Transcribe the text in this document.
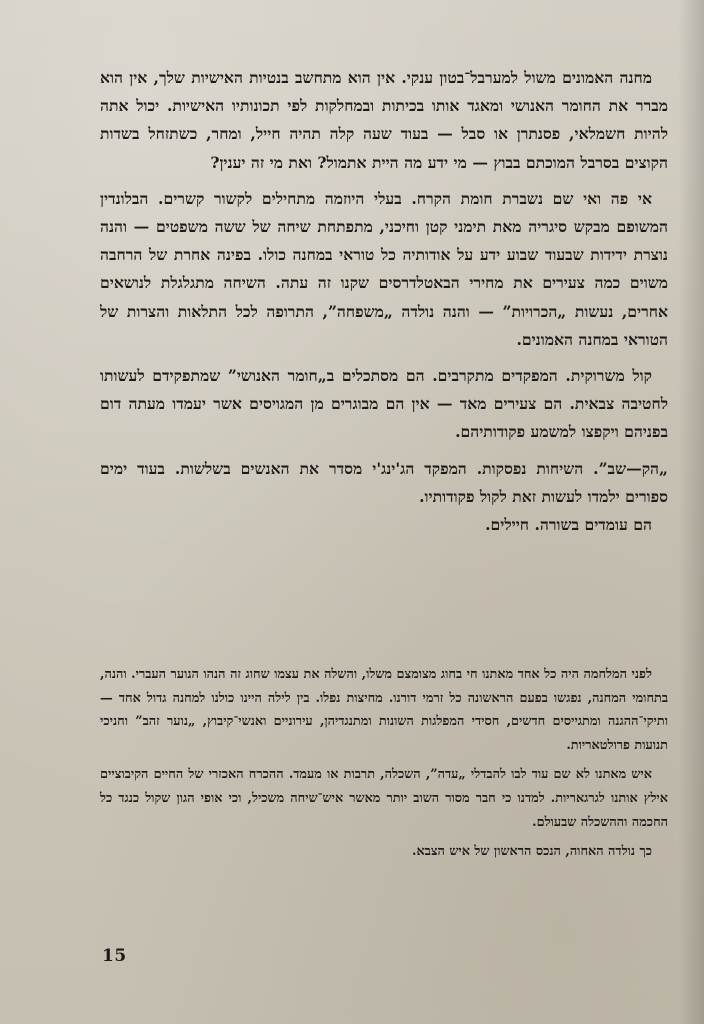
מחנה האמונים משול למערבל־בטון ענקי. אין הוא מתחשב בנטיות האישיות שלך, אין הוא מברר את החומר האנושי ומאגד אותו בכיתות ובמחלקות לפי תכונותיו האישיות. יכול אתה להיות חשמלאי, פסנתרן או סבל — בעוד שעה קלה תהיה חייל, ומחר, כשתזחל בשדות הקוצים בסרבל המוכתם בבוץ — מי ידע מה היית אתמול? ואת מי זה יענין?

אי פה ואי שם נשברת חומת הקרח. בעלי היוזמה מתחילים לקשור קשרים. הבלונדין המשופם מבקש סיגריה מאת תימני קטן וחיכני, מתפתחת שיחה של ששה משפטים — והנה נוצרת ידידות שבעוד שבוע ידע על אודותיה כל טוראי במחנה כולו. בפינה אחרת של הרחבה משוים כמה צעירים את מחירי הבאטלדרסים שקנו זה עתה. השיחה מתגלגלת לנושאים אחרים, נעשות „הכרויות” — והנה נולדה „משפחה”, התרופה לכל התלאות והצרות של הטוראי במחנה האמונים.

קול משרוקית. המפקדים מתקרבים. הם מסתכלים ב„חומר האנושי” שמתפקידם לעשותו לחטיבה צבאית. הם צעירים מאד — אין הם מבוגרים מן המגויסים אשר יעמדו מעתה דום בפניהם ויקפצו למשמע פקודותיהם.

„הק—שב”. השיחות נפסקות. המפקד הג'ינג'י מסדר את האנשים בשלשות. בעוד ימים ספורים ילמדו לעשות זאת לקול פקודותיו.

הם עומדים בשורה. חיילים.

לפני המלחמה היה כל אחד מאתנו חי בחוג מצומצם משלו, והשלה את עצמו שחוג זה הנהו הנוער העברי. והנה, בתחומי המחנה, נפגשו בפעם הראשונה כל זרמי דורנו. מחיצות נפלו. בין לילה היינו כולנו למחנה גדול אחד — ותיקי־ההגנה ומתגייסים חדשים, חסידי המפלגות השונות ומתנגדיהן, עירוניים ואנשי־קיבוץ, „נוער זהב” וחניכי תנועות פרולטאריות.

איש מאתנו לא שם עוד לבו להבדלי „עדה”, השכלה, תרבות או מעמד. ההכרח האכזרי של החיים הקיבוציים אילץ אותנו לגרגאריות. למדנו כי חבר מסור השוב יותר מאשר איש־שיחה משכיל, וכי אופי הגון שקול כנגד כל החכמה וההשכלה שבעולם.

כך נולדה האחוה, הנכס הראשון של איש הצבא.

15
